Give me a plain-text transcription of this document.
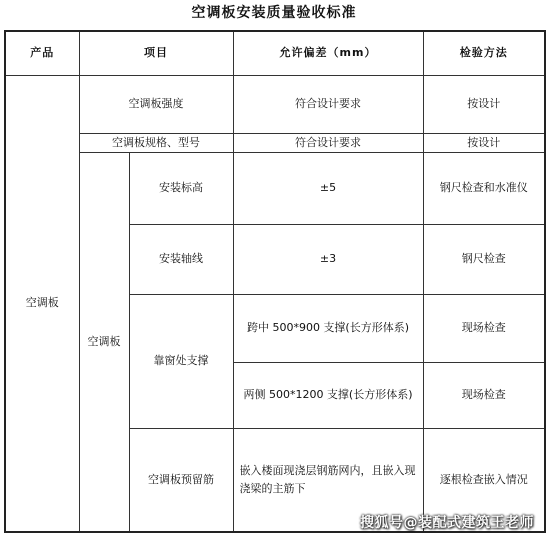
空调板安装质量验收标准
产品	项目		允许偏差（mm）	检验方法
空调板	空调板强度		符合设计要求	按设计
	空调板规格、型号		符合设计要求	按设计
	空调板	安装标高	±5	钢尺检查和水准仪
		安装轴线	±3	钢尺检查
		靠窗处支撑	跨中 500*900 支撑(长方形体系)	现场检查
			两侧 500*1200 支撑(长方形体系)	现场检查
		空调板预留筋	嵌入楼面现浇层钢筋网内，且嵌入现浇梁的主筋下	逐根检查嵌入情况
搜狐号@装配式建筑王老师
